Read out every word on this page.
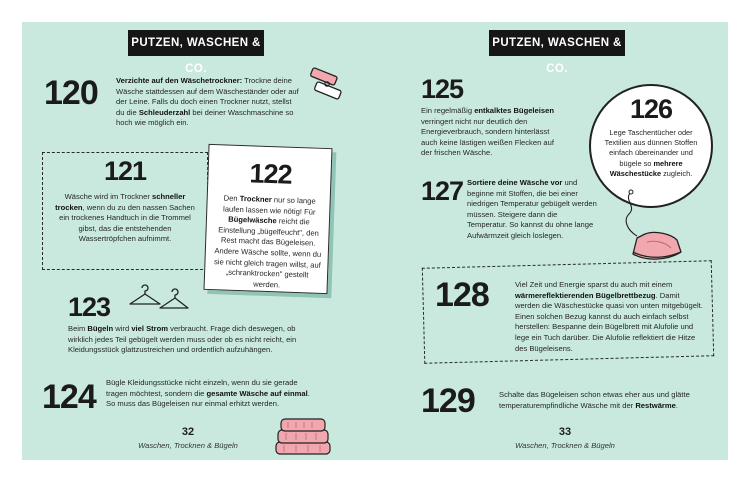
PUTZEN, WASCHEN & CO.
120 Verzichte auf den Wäschetrockner: Trockne deine Wäsche stattdessen auf dem Wäscheständer oder auf der Leine. Falls du doch einen Trockner nutzt, stellst du die Schleuderzahl bei deiner Waschmaschine so hoch wie möglich ein.
121
Wäsche wird im Trockner schneller trocken, wenn du zu den nassen Sachen ein trockenes Handtuch in die Trommel gibst, das die entstehenden Wassertröpfchen aufnimmt.
122
Den Trockner nur so lange laufen lassen wie nötig! Für Bügelwäsche reicht die Einstellung „bügelfeucht", den Rest macht das Bügeleisen. Andere Wäsche sollte, wenn du sie nicht gleich tragen willst, auf „schranktrocken" gestellt werden.
123
Beim Bügeln wird viel Strom verbraucht. Frage dich deswegen, ob wirklich jedes Teil gebügelt werden muss oder ob es nicht reicht, ein Kleidungsstück glattzustreichen und ordentlich aufzuhängen.
124 Bügle Kleidungsstücke nicht einzeln, wenn du sie gerade tragen möchtest, sondern die gesamte Wäsche auf einmal. So muss das Bügeleisen nur einmal erhitzt werden.
32
Waschen, Trocknen & Bügeln
PUTZEN, WASCHEN & CO.
125
Ein regelmäßig entkalktes Bügeleisen verringert nicht nur deutlich den Energieverbrauch, sondern hinterlässt auch keine lästigen weißen Flecken auf der frischen Wäsche.
126
Lege Taschentücher oder Textilien aus dünnen Stoffen einfach übereinander und bügele so mehrere Wäschestücke zugleich.
127 Sortiere deine Wäsche vor und beginne mit Stoffen, die bei einer niedrigen Temperatur gebügelt werden müssen. Steigere dann die Temperatur. So kannst du ohne lange Aufwärmzeit gleich loslegen.
128	Viel Zeit und Energie sparst du auch mit einem wärmereflektierenden Bügelbrettbezug. Damit werden die Wäschestücke quasi von unten mitgebügelt. Einen solchen Bezug kannst du auch einfach selbst herstellen: Bespanne dein Bügelbrett mit Alufolie und lege ein Tuch darüber. Die Alufolie reflektiert die Hitze des Bügeleisens.
129	Schalte das Bügeleisen schon etwas eher aus und glätte temperaturempfindliche Wäsche mit der Restwärme.
33
Waschen, Trocknen & Bügeln
